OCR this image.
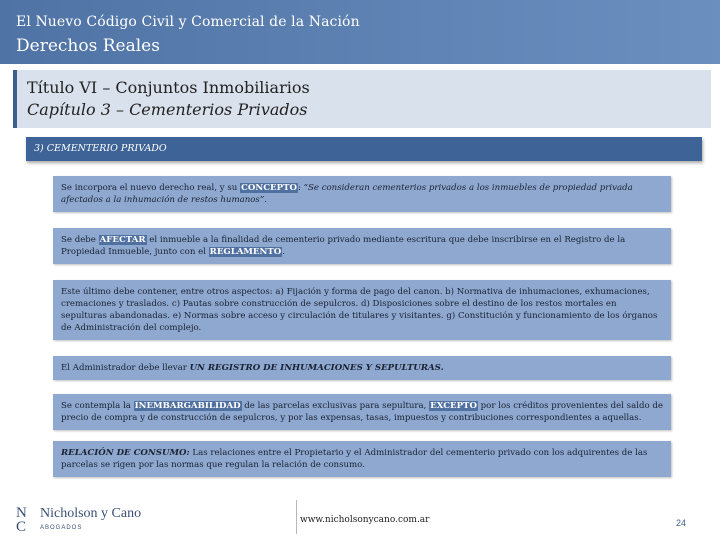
El Nuevo Código Civil y Comercial de la Nación
Derechos Reales
Título VI – Conjuntos Inmobiliarios
Capítulo 3 – Cementerios Privados
3) CEMENTERIO PRIVADO
Se incorpora el nuevo derecho real, y su CONCEPTO: “Se consideran cementerios privados a los inmuebles de propiedad privada afectados a la inhumación de restos humanos”.
Se debe AFECTAR el inmueble a la finalidad de cementerio privado mediante escritura que debe inscribirse en el Registro de la Propiedad Inmueble, junto con el REGLAMENTO.
Este último debe contener, entre otros aspectos: a) Fijación y forma de pago del canon. b) Normativa de inhumaciones, exhumaciones, cremaciones y traslados. c) Pautas sobre construcción de sepulcros. d) Disposiciones sobre el destino de los restos mortales en sepulturas abandonadas. e) Normas sobre acceso y circulación de titulares y visitantes. g) Constitución y funcionamiento de los órganos de Administración del complejo.
El Administrador debe llevar UN REGISTRO DE INHUMACIONES Y SEPULTURAS.
Se contempla la INEMBARGABILIDAD de las parcelas exclusivas para sepultura, EXCEPTO por los créditos provenientes del saldo de precio de compra y de construcción de sepulcros, y por las expensas, tasas, impuestos y contribuciones correspondientes a aquellas.
RELACIÓN DE CONSUMO: Las relaciones entre el Propietario y el Administrador del cementerio privado con los adquirentes de las parcelas se rigen por las normas que regulan la relación de consumo.
N
C
Nicholson y Cano
ABOGADOS
www.nicholsonycano.com.ar	24
